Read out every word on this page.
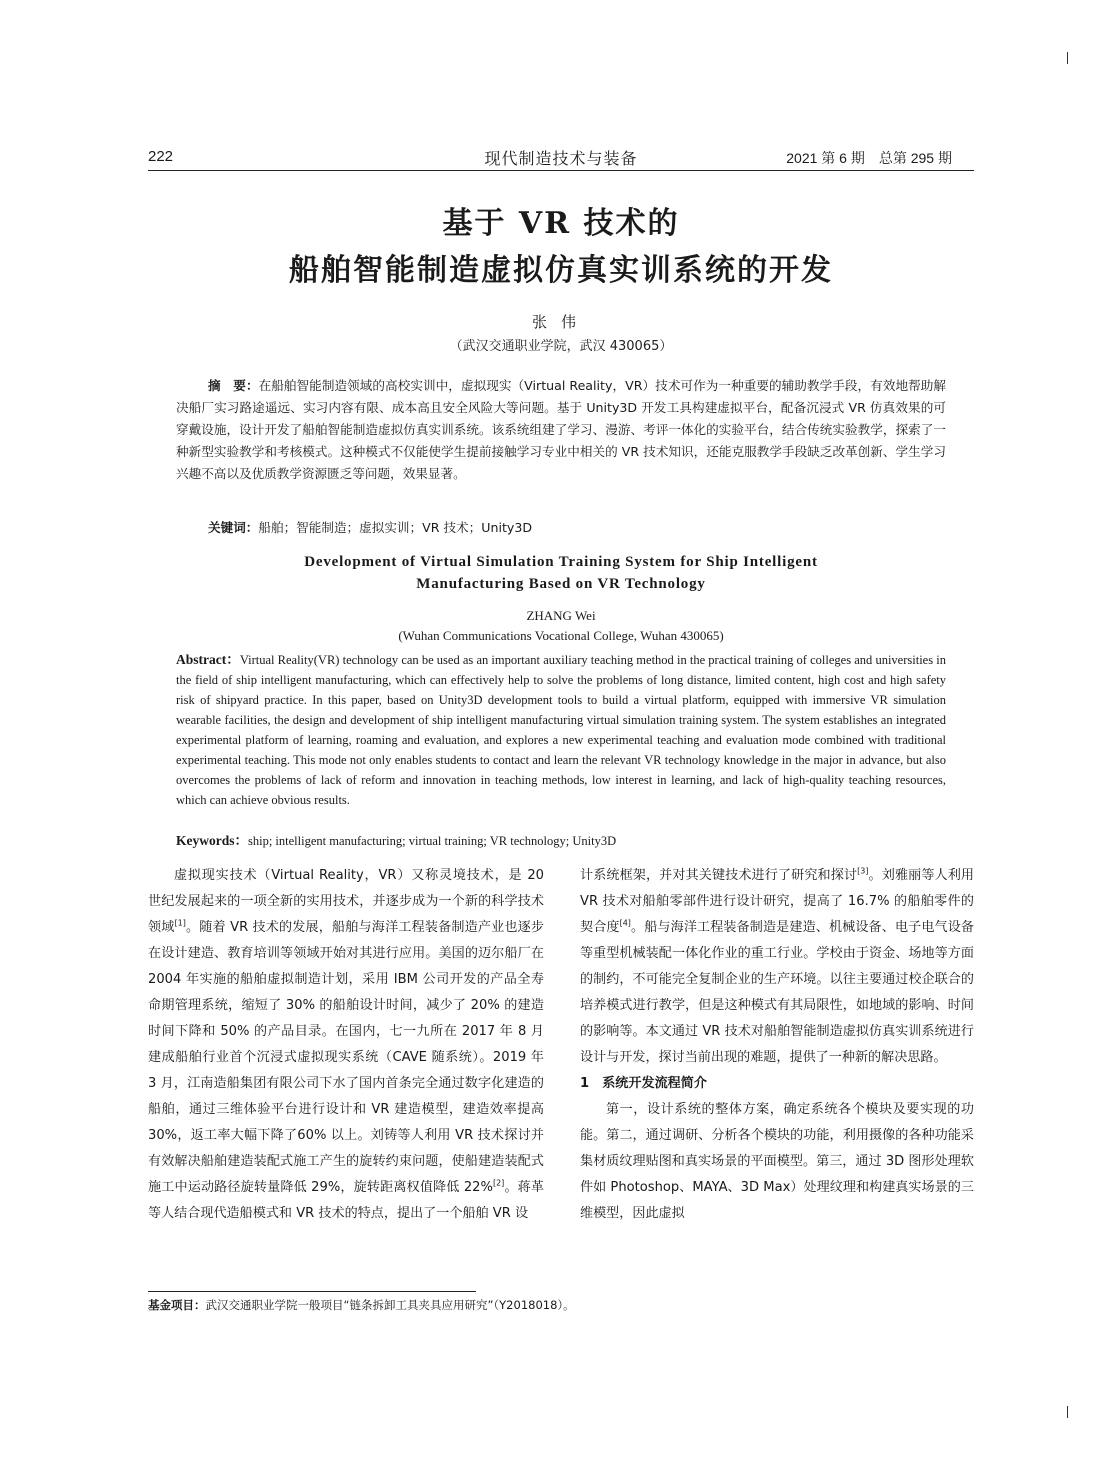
222	现代制造技术与装备	2021 第 6 期　总第 295 期
基于 VR 技术的
船舶智能制造虚拟仿真实训系统的开发
张伟
（武汉交通职业学院，武汉 430065）
摘　要：在船舶智能制造领域的高校实训中，虚拟现实（Virtual Reality，VR）技术可作为一种重要的辅助教学手段，有效地帮助解决船厂实习路途遥远、实习内容有限、成本高且安全风险大等问题。基于 Unity3D 开发工具构建虚拟平台，配备沉浸式 VR 仿真效果的可穿戴设施，设计开发了船舶智能制造虚拟仿真实训系统。该系统组建了学习、漫游、考评一体化的实验平台，结合传统实验教学，探索了一种新型实验教学和考核模式。这种模式不仅能使学生提前接触学习专业中相关的 VR 技术知识，还能克服教学手段缺乏改革创新、学生学习兴趣不高以及优质教学资源匮乏等问题，效果显著。
关键词：船舶；智能制造；虚拟实训；VR 技术；Unity3D
Development of Virtual Simulation Training System for Ship Intelligent
Manufacturing Based on VR Technology
ZHANG Wei
(Wuhan Communications Vocational College, Wuhan 430065)
Abstract：Virtual Reality(VR) technology can be used as an important auxiliary teaching method in the practical training of colleges and universities in the field of ship intelligent manufacturing, which can effectively help to solve the problems of long distance, limited content, high cost and high safety risk of shipyard practice. In this paper, based on Unity3D development tools to build a virtual platform, equipped with immersive VR simulation wearable facilities, the design and development of ship intelligent manufacturing virtual simulation training system. The system establishes an integrated experimental platform of learning, roaming and evaluation, and explores a new experimental teaching and evaluation mode combined with traditional experimental teaching. This mode not only enables students to contact and learn the relevant VR technology knowledge in the major in advance, but also overcomes the problems of lack of reform and innovation in teaching methods, low interest in learning, and lack of high-quality teaching resources, which can achieve obvious results.
Keywords：ship; intelligent manufacturing; virtual training; VR technology; Unity3D

虚拟现实技术（Virtual Reality，VR）又称灵境技术，是 20 世纪发展起来的一项全新的实用技术，并逐步成为一个新的科学技术领域[1]。随着 VR 技术的发展，船舶与海洋工程装备制造产业也逐步在设计建造、教育培训等领域开始对其进行应用。美国的迈尔船厂在 2004 年实施的船舶虚拟制造计划，采用 IBM 公司开发的产品全寿命期管理系统，缩短了 30% 的船舶设计时间，减少了 20% 的建造时间下降和 50% 的产品目录。在国内，七一九所在 2017 年 8 月建成船舶行业首个沉浸式虚拟现实系统（CAVE 随系统）。2019 年 3 月，江南造船集团有限公司下水了国内首条完全通过数字化建造的船舶，通过三维体验平台进行设计和 VR 建造模型，建造效率提高30%，返工率大幅下降了60% 以上。刘铸等人利用 VR 技术探讨并有效解决船舶建造装配式施工产生的旋转约束问题，使船建造装配式施工中运动路径旋转量降低 29%，旋转距离权值降低 22%[2]。蒋革等人结合现代造船模式和 VR 技术的特点，提出了一个船舶 VR 设

计系统框架，并对其关键技术进行了研究和探讨[3]。刘雅丽等人利用 VR 技术对船舶零部件进行设计研究，提高了 16.7% 的船舶零件的契合度[4]。船与海洋工程装备制造是建造、机械设备、电子电气设备等重型机械装配一体化作业的重工行业。学校由于资金、场地等方面的制约，不可能完全复制企业的生产环境。以往主要通过校企联合的培养模式进行教学，但是这种模式有其局限性，如地域的影响、时间的影响等。本文通过 VR 技术对船舶智能制造虚拟仿真实训系统进行设计与开发，探讨当前出现的难题，提供了一种新的解决思路。

1　系统开发流程简介

第一，设计系统的整体方案，确定系统各个模块及要实现的功能。第二，通过调研、分析各个模块的功能，利用摄像的各种功能采集材质纹理贴图和真实场景的平面模型。第三，通过 3D 图形处理软件如 Photoshop、MAYA、3D Max）处理纹理和构建真实场景的三维模型，因此虚拟

基金项目：武汉交通职业学院一般项目“链条拆卸工具夹具应用研究”（Y2018018）。
